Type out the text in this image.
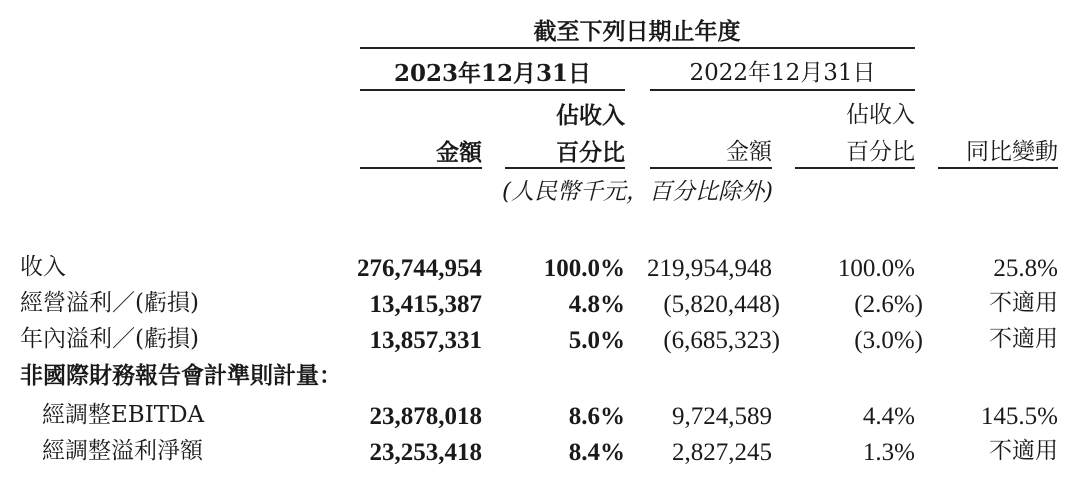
截至下列日期止年度
2023年12月31日	2022年12月31日
佔收入	佔收入
金額	百分比	金額	百分比	同比變動
(人民幣千元，百分比除外)
收入	276,744,954	100.0% 219,954,948	100.0%	25.8%
經營溢利／(虧損)	13,415,387	4.8%	(5,820,448)	(2.6%)	不適用
年內溢利／(虧損)	13,857,331	5.0%	(6,685,323)	(3.0%)	不適用
非國際財務報告會計準則計量：
經調整EBITDA	23,878,018	8.6%	9,724,589	4.4%	145.5%
經調整溢利淨額	23,253,418	8.4%	2,827,245	1.3%	不適用
